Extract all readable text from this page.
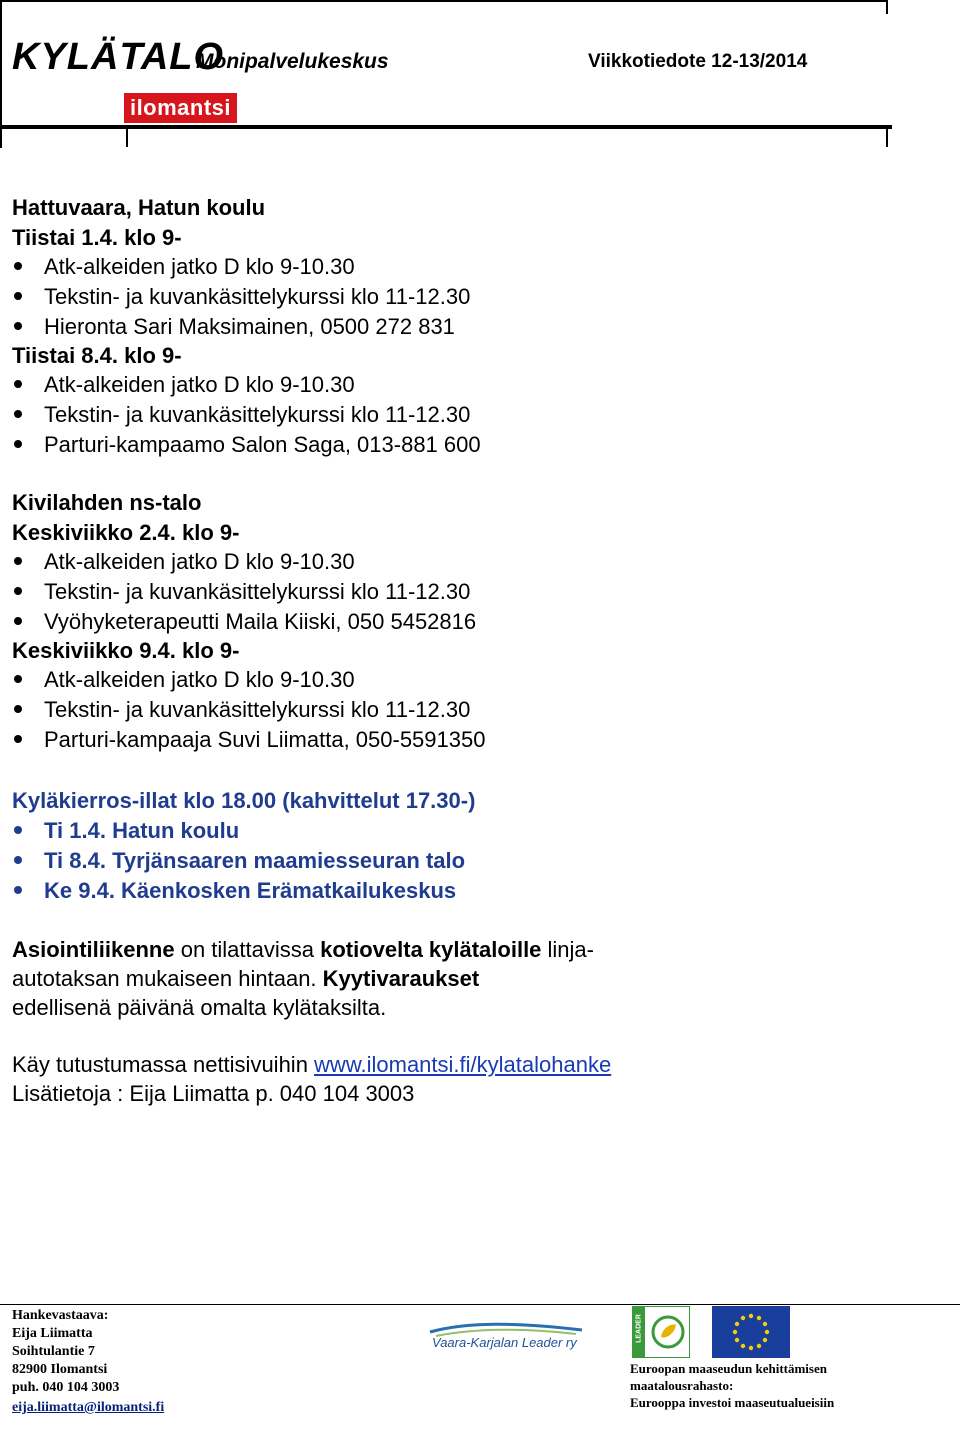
KYLÄTALO
Monipalvelukeskus	Viikkotiedote 12-13/2014
ilomantsi
Hattuvaara, Hatun koulu
Tiistai 1.4. klo 9-
Atk-alkeiden jatko D klo 9-10.30
Tekstin- ja kuvankäsittelykurssi klo 11-12.30
Hieronta Sari Maksimainen, 0500 272 831
Tiistai 8.4. klo 9-
Atk-alkeiden jatko D klo 9-10.30
Tekstin- ja kuvankäsittelykurssi klo 11-12.30
Parturi-kampaamo Salon Saga, 013-881 600
Kivilahden ns-talo
Keskiviikko 2.4. klo 9-
Atk-alkeiden jatko D klo 9-10.30
Tekstin- ja kuvankäsittelykurssi klo 11-12.30
Vyöhyketerapeutti Maila Kiiski, 050 5452816
Keskiviikko 9.4. klo 9-
Atk-alkeiden jatko D klo 9-10.30
Tekstin- ja kuvankäsittelykurssi klo 11-12.30
Parturi-kampaaja Suvi Liimatta, 050-5591350
Kyläkierros-illat klo 18.00 (kahvittelut 17.30-)
Ti 1.4. Hatun koulu
Ti 8.4. Tyrjänsaaren maamiesseuran talo
Ke 9.4. Käenkosken Erämatkailukeskus
Asiointiliikenne on tilattavissa kotiovelta kylätaloille linja-
autotaksan mukaiseen hintaan. Kyytivaraukset
edellisenä päivänä omalta kylätaksilta.
Käy tutustumassa nettisivuihin www.ilomantsi.fi/kylatalohanke
Lisätietoja : Eija Liimatta p. 040 104 3003
Hankevastaava:
Eija Liimatta
Soihtulantie 7
82900 Ilomantsi
puh. 040 104 3003
eija.liimatta@ilomantsi.fi
Vaara-Karjalan Leader ry	LEADER
Euroopan maaseudun kehittämisen
maatalousrahasto:
Eurooppa investoi maaseutualueisiin
